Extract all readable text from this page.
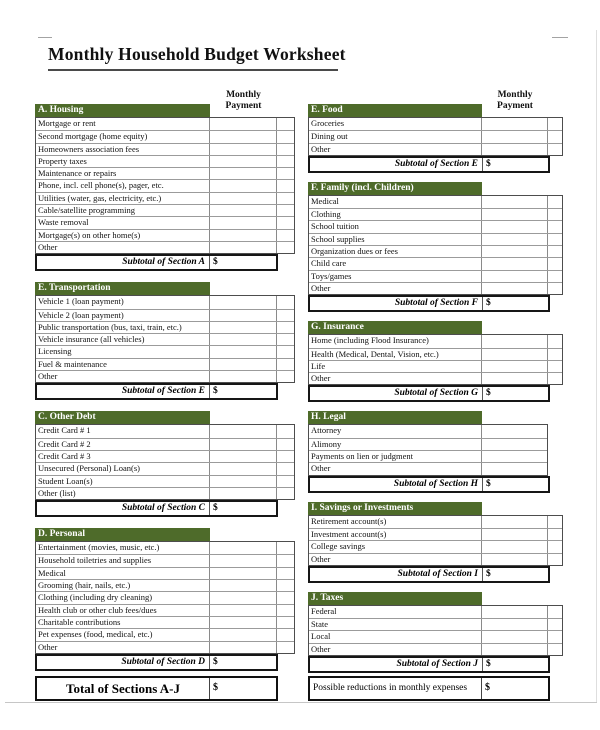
Monthly Household Budget Worksheet
Monthly
Payment
Monthly
Payment
A. Housing
Mortgage or rent
Second mortgage (home equity)
Homeowners association fees
Property taxes
Maintenance or repairs
Phone, incl. cell phone(s), pager, etc.
Utilities (water, gas, electricity, etc.)
Cable/satellite programming
Waste removal
Mortgage(s) on other home(s)
Other
Subtotal of Section A $
E. Transportation
Vehicle 1 (loan payment)
Vehicle 2 (loan payment)
Public transportation (bus, taxi, train, etc.)
Vehicle insurance (all vehicles)
Licensing
Fuel & maintenance
Other
Subtotal of Section E $
C. Other Debt
Credit Card # 1
Credit Card # 2
Credit Card # 3
Unsecured (Personal) Loan(s)
Student Loan(s)
Other (list)
Subtotal of Section C $
D. Personal
Entertainment (movies, music, etc.)
Household toiletries and supplies
Medical
Grooming (hair, nails, etc.)
Clothing (including dry cleaning)
Health club or other club fees/dues
Charitable contributions
Pet expenses (food, medical, etc.)
Other
Subtotal of Section D $
E. Food
Groceries
Dining out
Other
Subtotal of Section E $
F. Family (incl. Children)
Medical
Clothing
School tuition
School supplies
Organization dues or fees
Child care
Toys/games
Other
Subtotal of Section F $
G. Insurance
Home (including Flood Insurance)
Health (Medical, Dental, Vision, etc.)
Life
Other
Subtotal of Section G $
H. Legal
Attorney
Alimony
Payments on lien or judgment
Other
Subtotal of Section H $
I. Savings or Investments
Retirement account(s)
Investment account(s)
College savings
Other
Subtotal of Section I $
J. Taxes
Federal
State
Local
Other
Subtotal of Section J $
Total of Sections A-J	$	Possible reductions in monthly expenses	$
